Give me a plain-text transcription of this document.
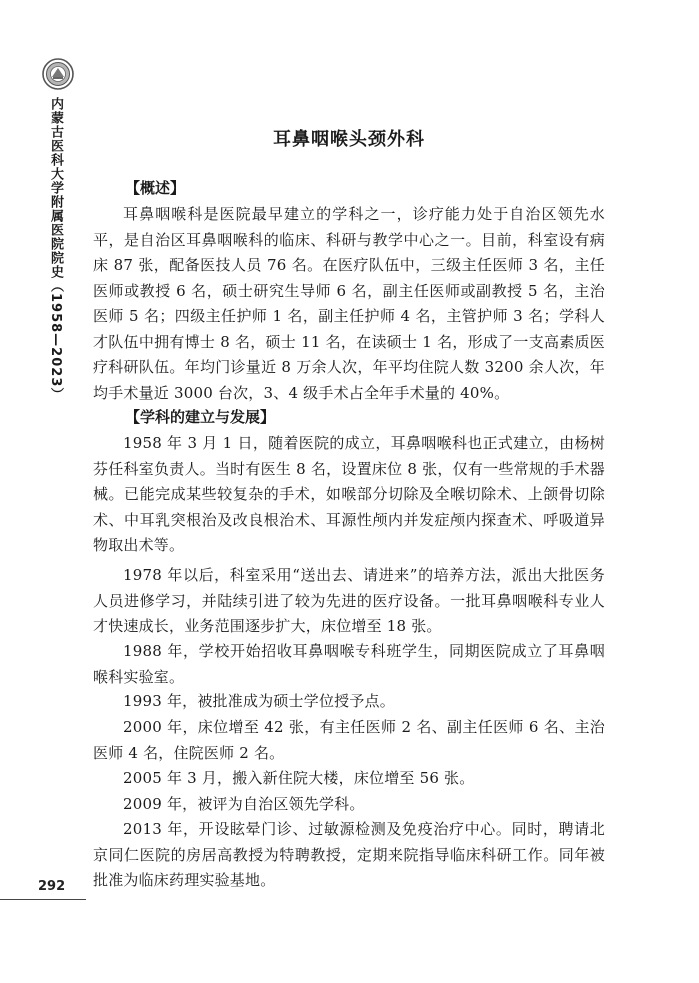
内蒙古医科大学附属医院院史（1958—2023）
292
耳鼻咽喉头颈外科
【概述】

耳鼻咽喉科是医院最早建立的学科之一，诊疗能力处于自治区领先水平，是自治区耳鼻咽喉科的临床、科研与教学中心之一。目前，科室设有病床 87 张，配备医技人员 76 名。在医疗队伍中，三级主任医师 3 名，主任医师或教授 6 名，硕士研究生导师 6 名，副主任医师或副教授 5 名，主治医师 5 名；四级主任护师 1 名，副主任护师 4 名，主管护师 3 名；学科人才队伍中拥有博士 8 名，硕士 11 名，在读硕士 1 名，形成了一支高素质医疗科研队伍。年均门诊量近 8 万余人次，年平均住院人数 3200 余人次，年均手术量近 3000 台次，3、4 级手术占全年手术量的 40%。

【学科的建立与发展】

1958 年 3 月 1 日，随着医院的成立，耳鼻咽喉科也正式建立，由杨树芬任科室负责人。当时有医生 8 名，设置床位 8 张，仅有一些常规的手术器械。已能完成某些较复杂的手术，如喉部分切除及全喉切除术、上颌骨切除术、中耳乳突根治及改良根治术、耳源性颅内并发症颅内探查术、呼吸道异物取出术等。

1978 年以后，科室采用“送出去、请进来”的培养方法，派出大批医务人员进修学习，并陆续引进了较为先进的医疗设备。一批耳鼻咽喉科专业人才快速成长，业务范围逐步扩大，床位增至 18 张。

1988 年，学校开始招收耳鼻咽喉专科班学生，同期医院成立了耳鼻咽喉科实验室。

1993 年，被批准成为硕士学位授予点。

2000 年，床位增至 42 张，有主任医师 2 名、副主任医师 6 名、主治医师 4 名，住院医师 2 名。

2005 年 3 月，搬入新住院大楼，床位增至 56 张。

2009 年，被评为自治区领先学科。

2013 年，开设眩晕门诊、过敏源检测及免疫治疗中心。同时，聘请北京同仁医院的房居高教授为特聘教授，定期来院指导临床科研工作。同年被批准为临床药理实验基地。
